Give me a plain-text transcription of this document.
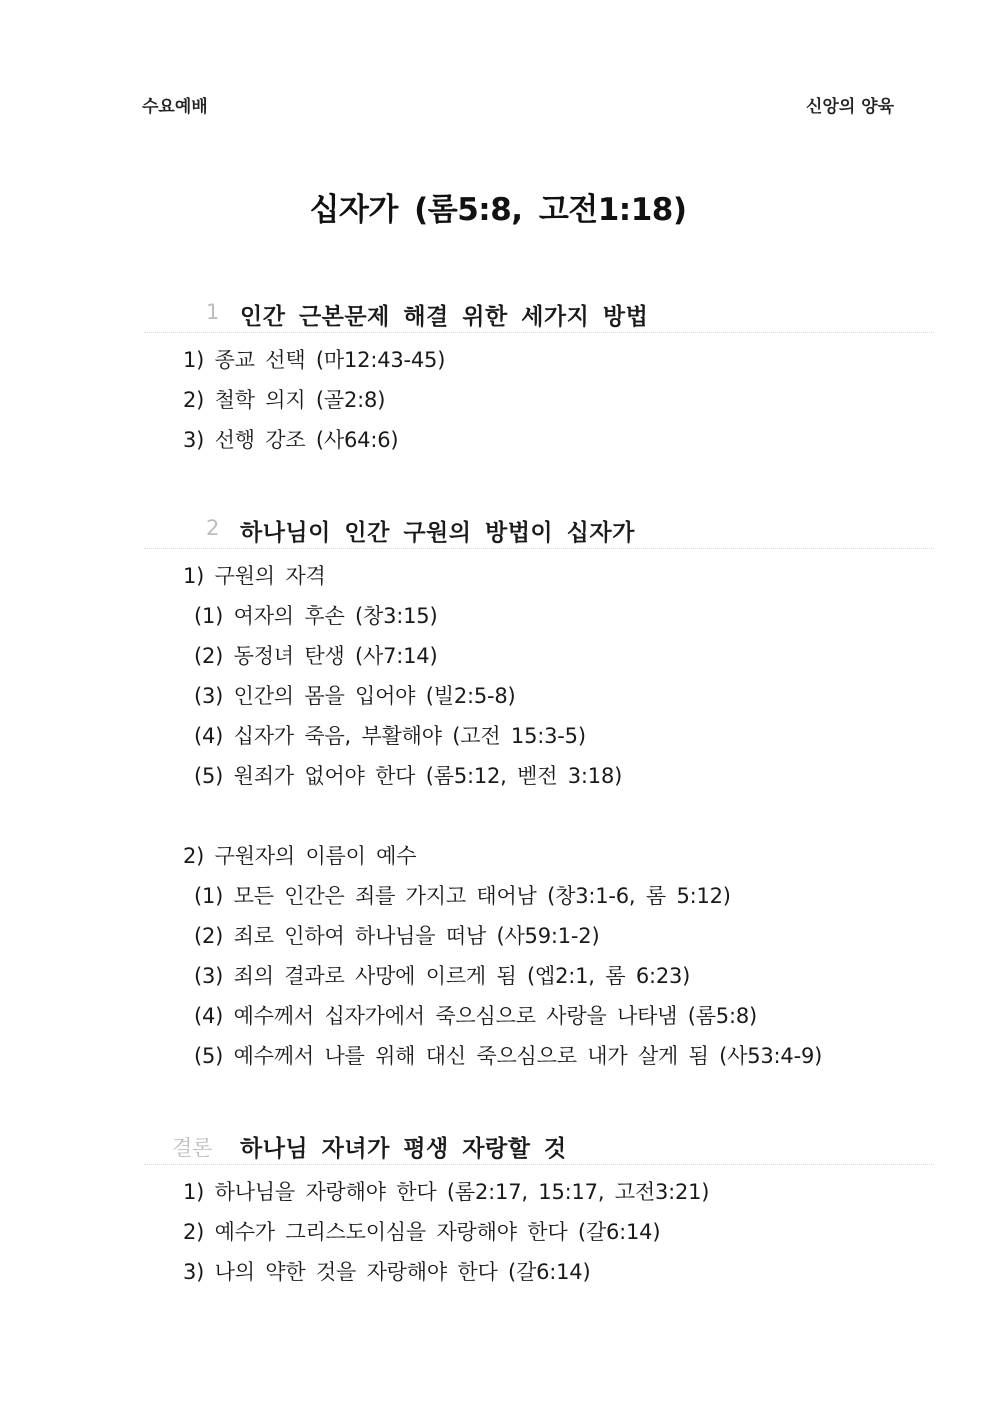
수요예배	신앙의 양육
십자가 (롬5:8, 고전1:18)
1 인간 근본문제 해결 위한 세가지 방법
1) 종교 선택 (마12:43-45)
2) 철학 의지 (골2:8)
3) 선행 강조 (사64:6)
2 하나님이 인간 구원의 방법이 십자가
1) 구원의 자격
(1) 여자의 후손 (창3:15)
(2) 동정녀 탄생 (사7:14)
(3) 인간의 몸을 입어야 (빌2:5-8)
(4) 십자가 죽음, 부활해야 (고전 15:3-5)
(5) 원죄가 없어야 한다 (롬5:12, 벧전 3:18)
2) 구원자의 이름이 예수
(1) 모든 인간은 죄를 가지고 태어남 (창3:1-6, 롬 5:12)
(2) 죄로 인하여 하나님을 떠남 (사59:1-2)
(3) 죄의 결과로 사망에 이르게 됨 (엡2:1, 롬 6:23)
(4) 예수께서 십자가에서 죽으심으로 사랑을 나타냄 (롬5:8)
(5) 예수께서 나를 위해 대신 죽으심으로 내가 살게 됨 (사53:4-9)
결론 하나님 자녀가 평생 자랑할 것
1) 하나님을 자랑해야 한다 (롬2:17, 15:17, 고전3:21)
2) 예수가 그리스도이심을 자랑해야 한다 (갈6:14)
3) 나의 약한 것을 자랑해야 한다 (갈6:14)
